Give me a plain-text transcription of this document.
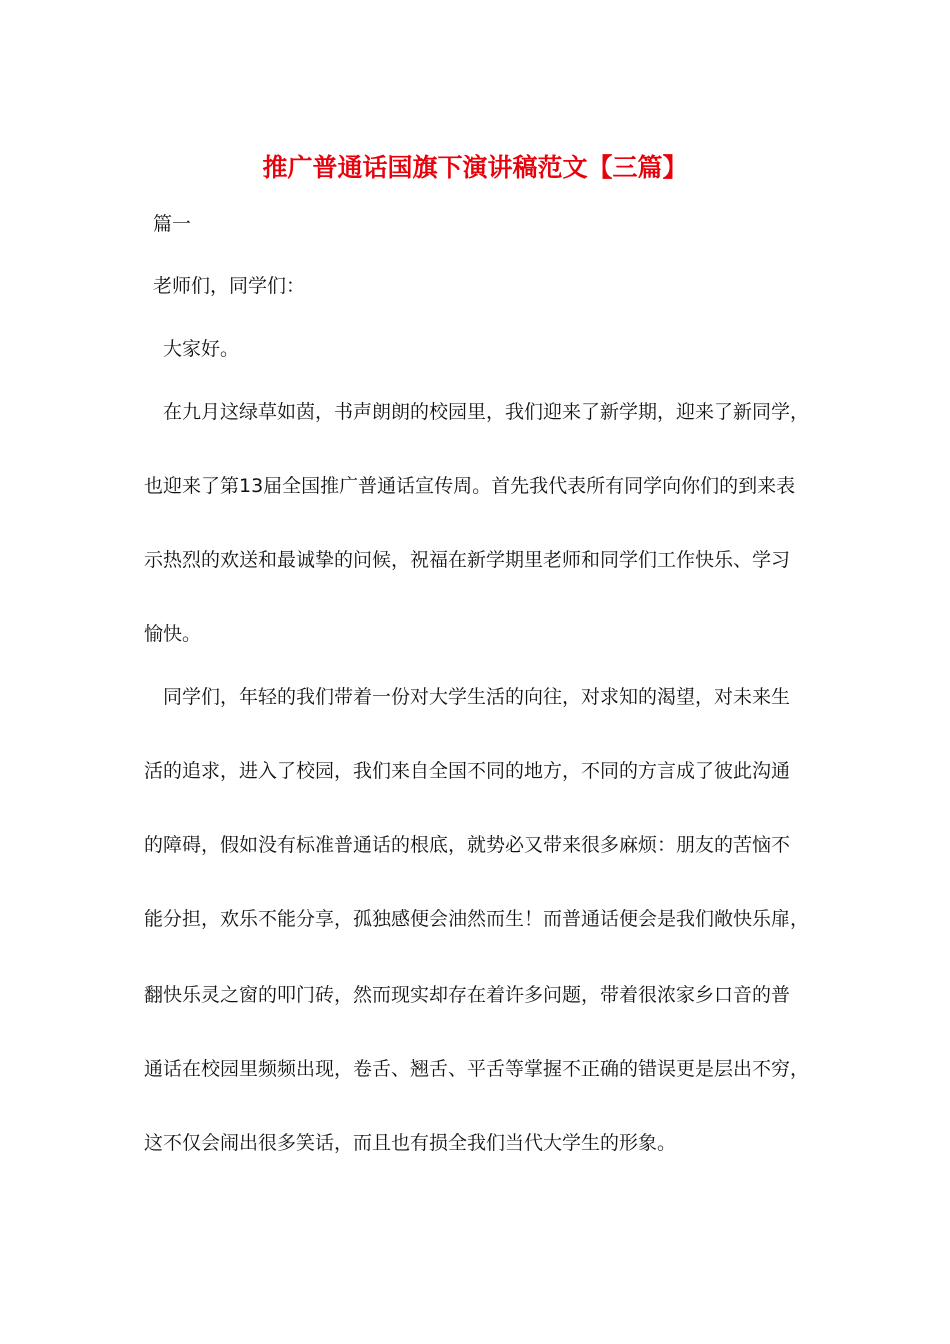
推广普通话国旗下演讲稿范文【三篇】

篇一

老师们，同学们：

大家好。

在九月这绿草如茵，书声朗朗的校园里，我们迎来了新学期，迎来了新同学，

也迎来了第13届全国推广普通话宣传周。首先我代表所有同学向你们的到来表

示热烈的欢送和最诚挚的问候，祝福在新学期里老师和同学们工作快乐、学习

愉快。

同学们，年轻的我们带着一份对大学生活的向往，对求知的渴望，对未来生

活的追求，进入了校园，我们来自全国不同的地方，不同的方言成了彼此沟通

的障碍，假如没有标准普通话的根底，就势必又带来很多麻烦：朋友的苦恼不

能分担，欢乐不能分享，孤独感便会油然而生！而普通话便会是我们敞快乐扉，

翻快乐灵之窗的叩门砖，然而现实却存在着许多问题，带着很浓家乡口音的普

通话在校园里频频出现，卷舌、翘舌、平舌等掌握不正确的错误更是层出不穷，

这不仅会闹出很多笑话，而且也有损全我们当代大学生的形象。
